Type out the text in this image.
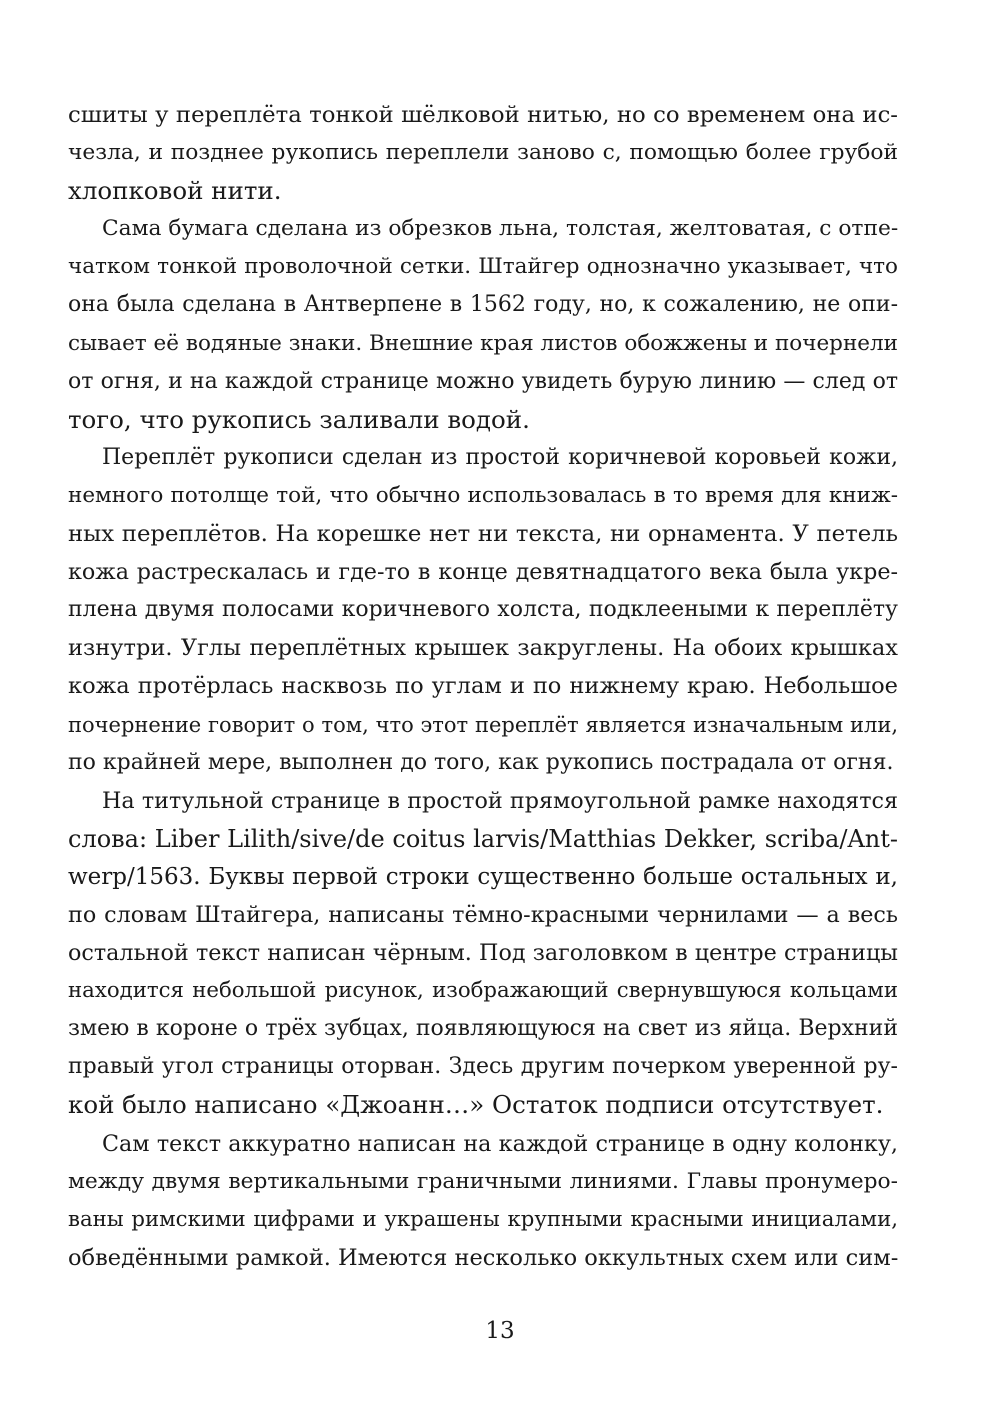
сшиты у переплёта тонкой шёлковой нитью, но со временем она ис-
чезла, и позднее рукопись переплели заново с, помощью более грубой
хлопковой нити.
Сама бумага сделана из обрезков льна, толстая, желтоватая, с отпе-
чатком тонкой проволочной сетки. Штайгер однозначно указывает, что
она была сделана в Антверпене в 1562 году, но, к сожалению, не опи-
сывает её водяные знаки. Внешние края листов обожжены и почернели
от огня, и на каждой странице можно увидеть бурую линию — след от
того, что рукопись заливали водой.
Переплёт рукописи сделан из простой коричневой коровьей кожи,
немного потолще той, что обычно использовалась в то время для книж-
ных переплётов. На корешке нет ни текста, ни орнамента. У петель
кожа растрескалась и где-то в конце девятнадцатого века была укре-
плена двумя полосами коричневого холста, подклееными к переплёту
изнутри. Углы переплётных крышек закруглены. На обоих крышках
кожа протёрлась насквозь по углам и по нижнему краю. Небольшое
почернение говорит о том, что этот переплёт является изначальным или,
по крайней мере, выполнен до того, как рукопись пострадала от огня.
На титульной странице в простой прямоугольной рамке находятся
слова: Liber Lilith/sive/de coitus larvis/Matthias Dekker, scriba/Ant-
werp/1563. Буквы первой строки существенно больше остальных и,
по словам Штайгера, написаны тёмно-красными чернилами — а весь
остальной текст написан чёрным. Под заголовком в центре страницы
находится небольшой рисунок, изображающий свернувшуюся кольцами
змею в короне о трёх зубцах, появляющуюся на свет из яйца. Верхний
правый угол страницы оторван. Здесь другим почерком уверенной ру-
кой было написано «Джоанн…» Остаток подписи отсутствует.
Сам текст аккуратно написан на каждой странице в одну колонку,
между двумя вертикальными граничными линиями. Главы пронумеро-
ваны римскими цифрами и украшены крупными красными инициалами,
обведёнными рамкой. Имеются несколько оккультных схем или сим-
13
